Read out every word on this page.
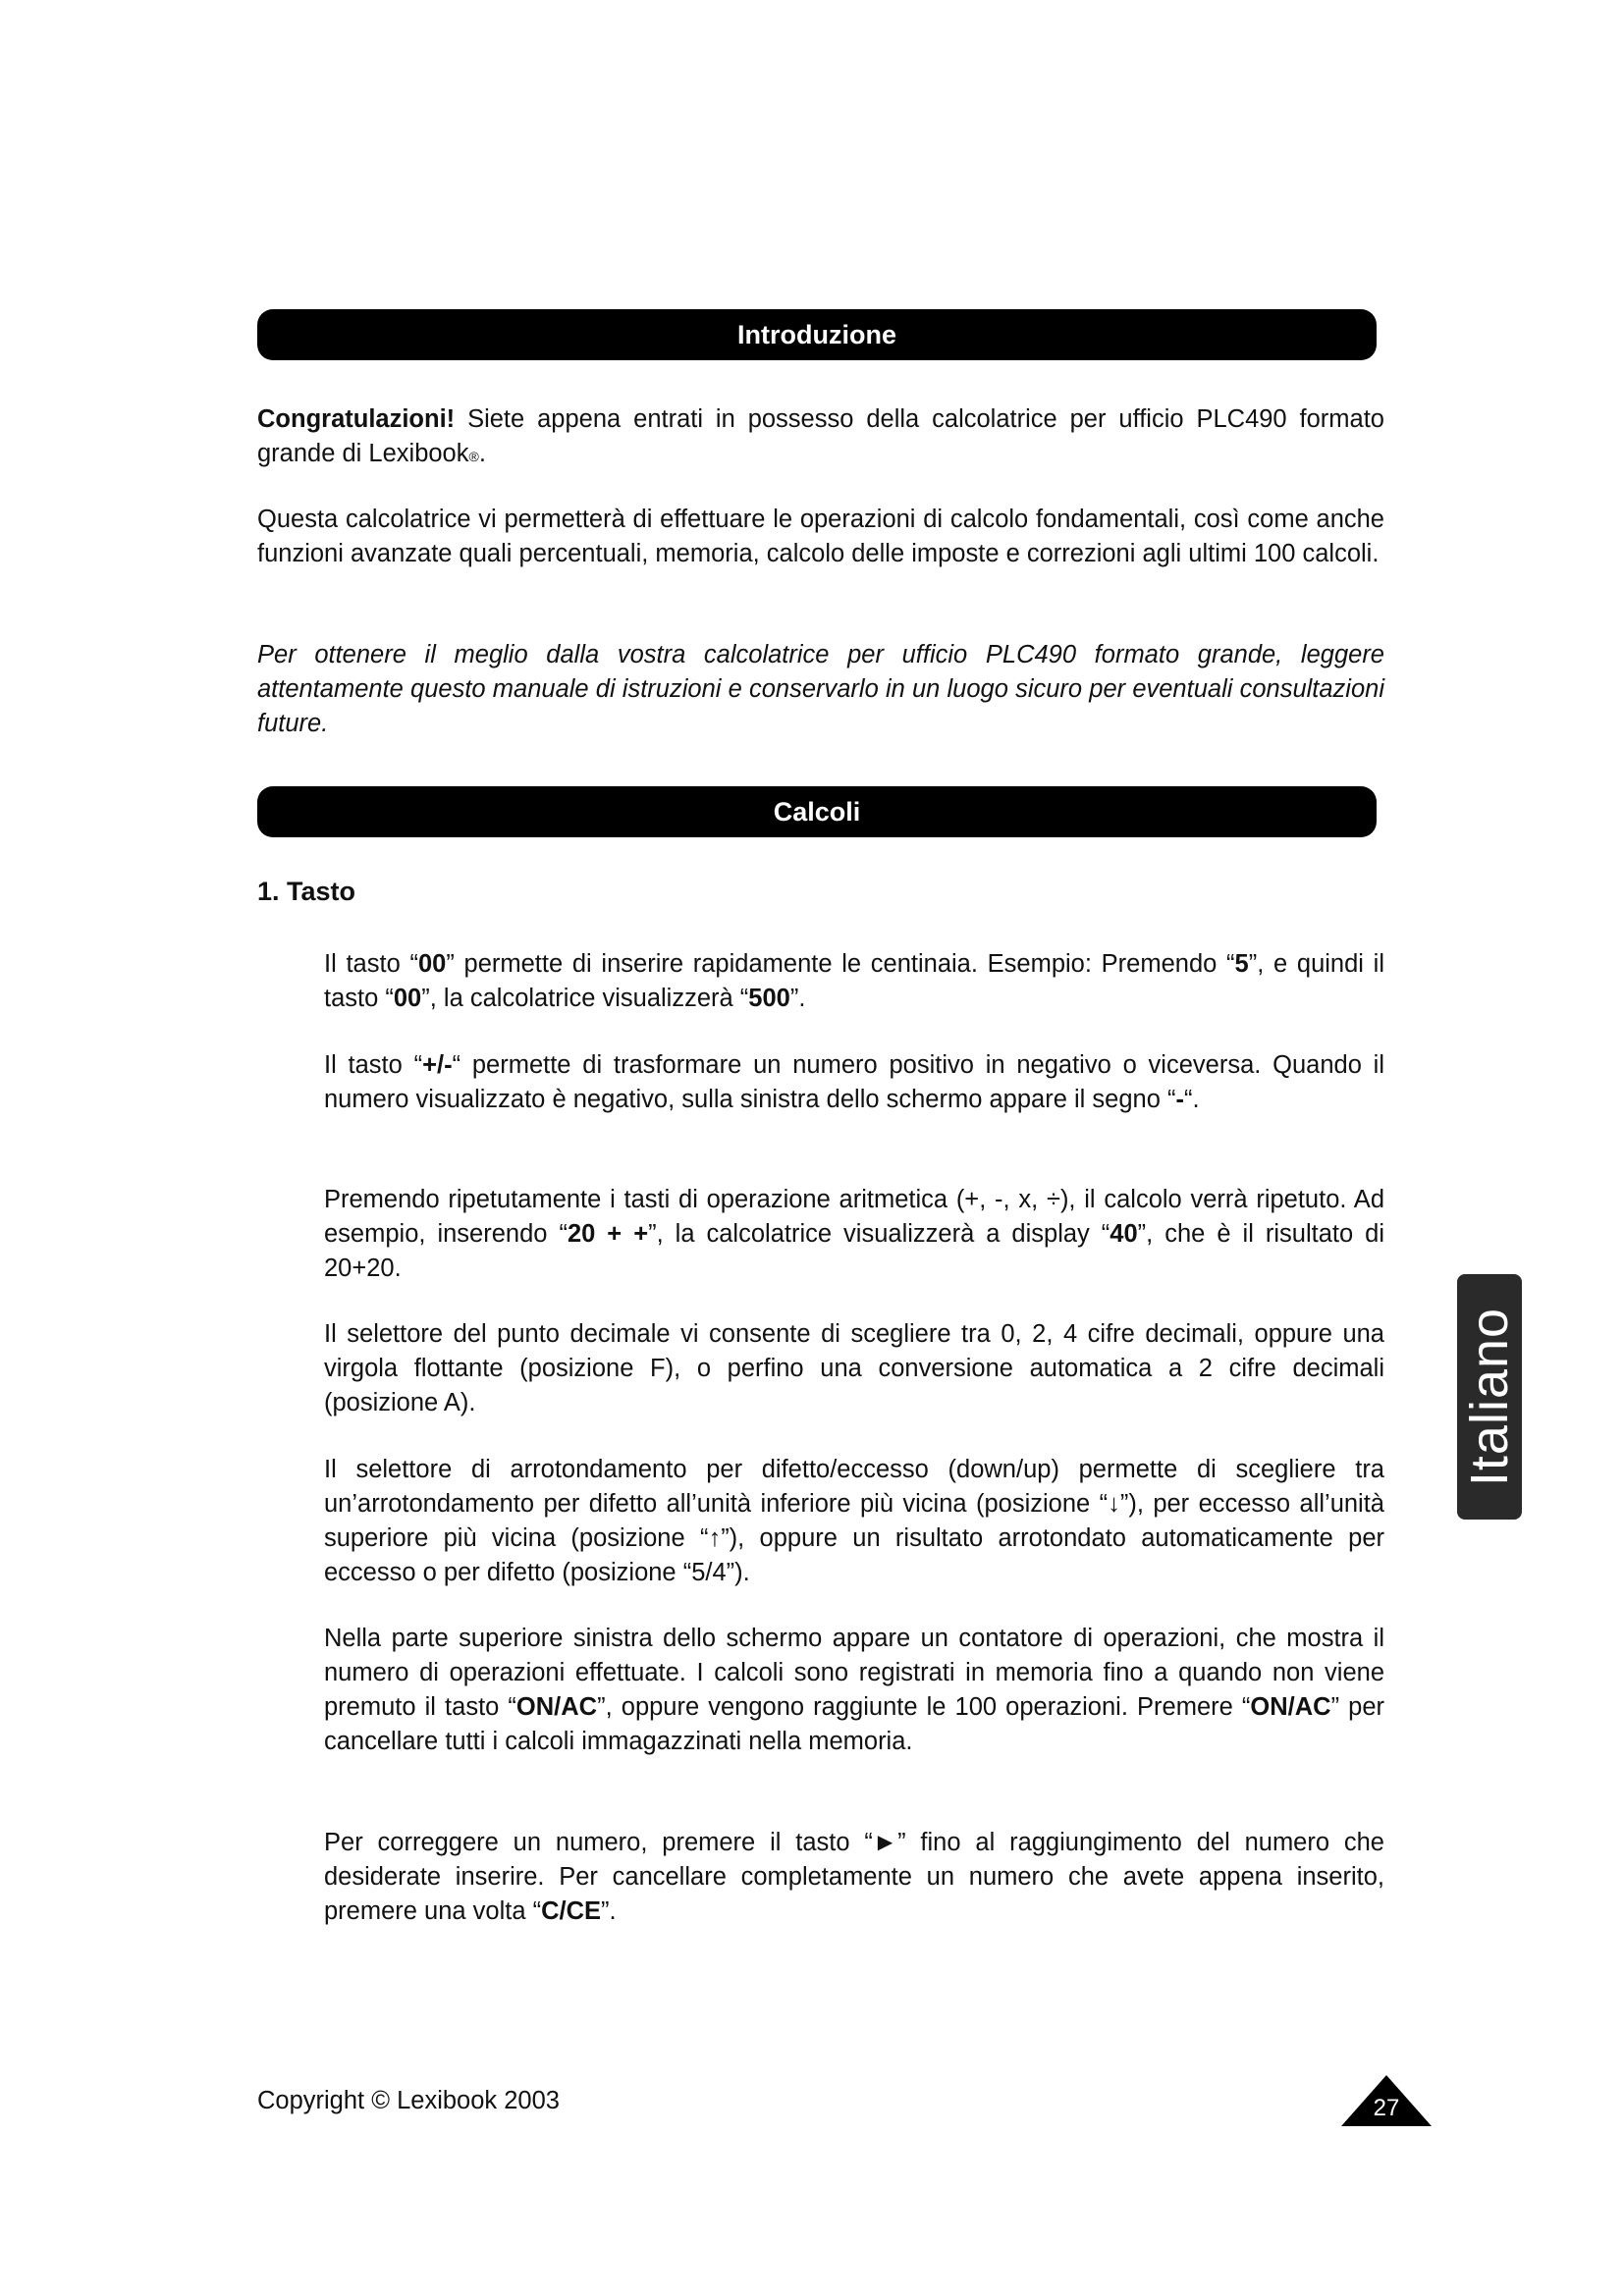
Introduzione

Congratulazioni! Siete appena entrati in possesso della calcolatrice per ufficio PLC490 formato grande di Lexibook®.

Questa calcolatrice vi permetterà di effettuare le operazioni di calcolo fondamentali, così come anche funzioni avanzate quali percentuali, memoria, calcolo delle imposte e correzioni agli ultimi 100 calcoli.

Per ottenere il meglio dalla vostra calcolatrice per ufficio PLC490 formato grande, leggere attentamente questo manuale di istruzioni e conservarlo in un luogo sicuro per eventuali consultazioni future.

Calcoli
1. Tasto

Il tasto “00” permette di inserire rapidamente le centinaia. Esempio: Premendo “5”, e quindi il tasto “00”, la calcolatrice visualizzerà “500”.

Il tasto “+/-“ permette di trasformare un numero positivo in negativo o viceversa. Quando il numero visualizzato è negativo, sulla sinistra dello schermo appare il segno “-“.

Premendo ripetutamente i tasti di operazione aritmetica (+, -, x, ÷), il calcolo verrà ripetuto. Ad esempio, inserendo “20 + +”, la calcolatrice visualizzerà a display “40”, che è il risultato di 20+20.

Il selettore del punto decimale vi consente di scegliere tra 0, 2, 4 cifre decimali, oppure una virgola flottante (posizione F), o perfino una conversione automatica a 2 cifre decimali (posizione A).

Il selettore di arrotondamento per difetto/eccesso (down/up) permette di scegliere tra un’arrotondamento per difetto all’unità inferiore più vicina (posizione “↓”), per eccesso all’unità superiore più vicina (posizione “↑”), oppure un risultato arrotondato automaticamente per eccesso o per difetto (posizione “5/4”).

Nella parte superiore sinistra dello schermo appare un contatore di operazioni, che mostra il numero di operazioni effettuate. I calcoli sono registrati in memoria fino a quando non viene premuto il tasto “ON/AC”, oppure vengono raggiunte le 100 operazioni. Premere “ON/AC” per cancellare tutti i calcoli immagazzinati nella memoria.

Per correggere un numero, premere il tasto “►” fino al raggiungimento del numero che desiderate inserire. Per cancellare completamente un numero che avete appena inserito, premere una volta “C/CE”.

Italiano
Copyright © Lexibook 2003	27
